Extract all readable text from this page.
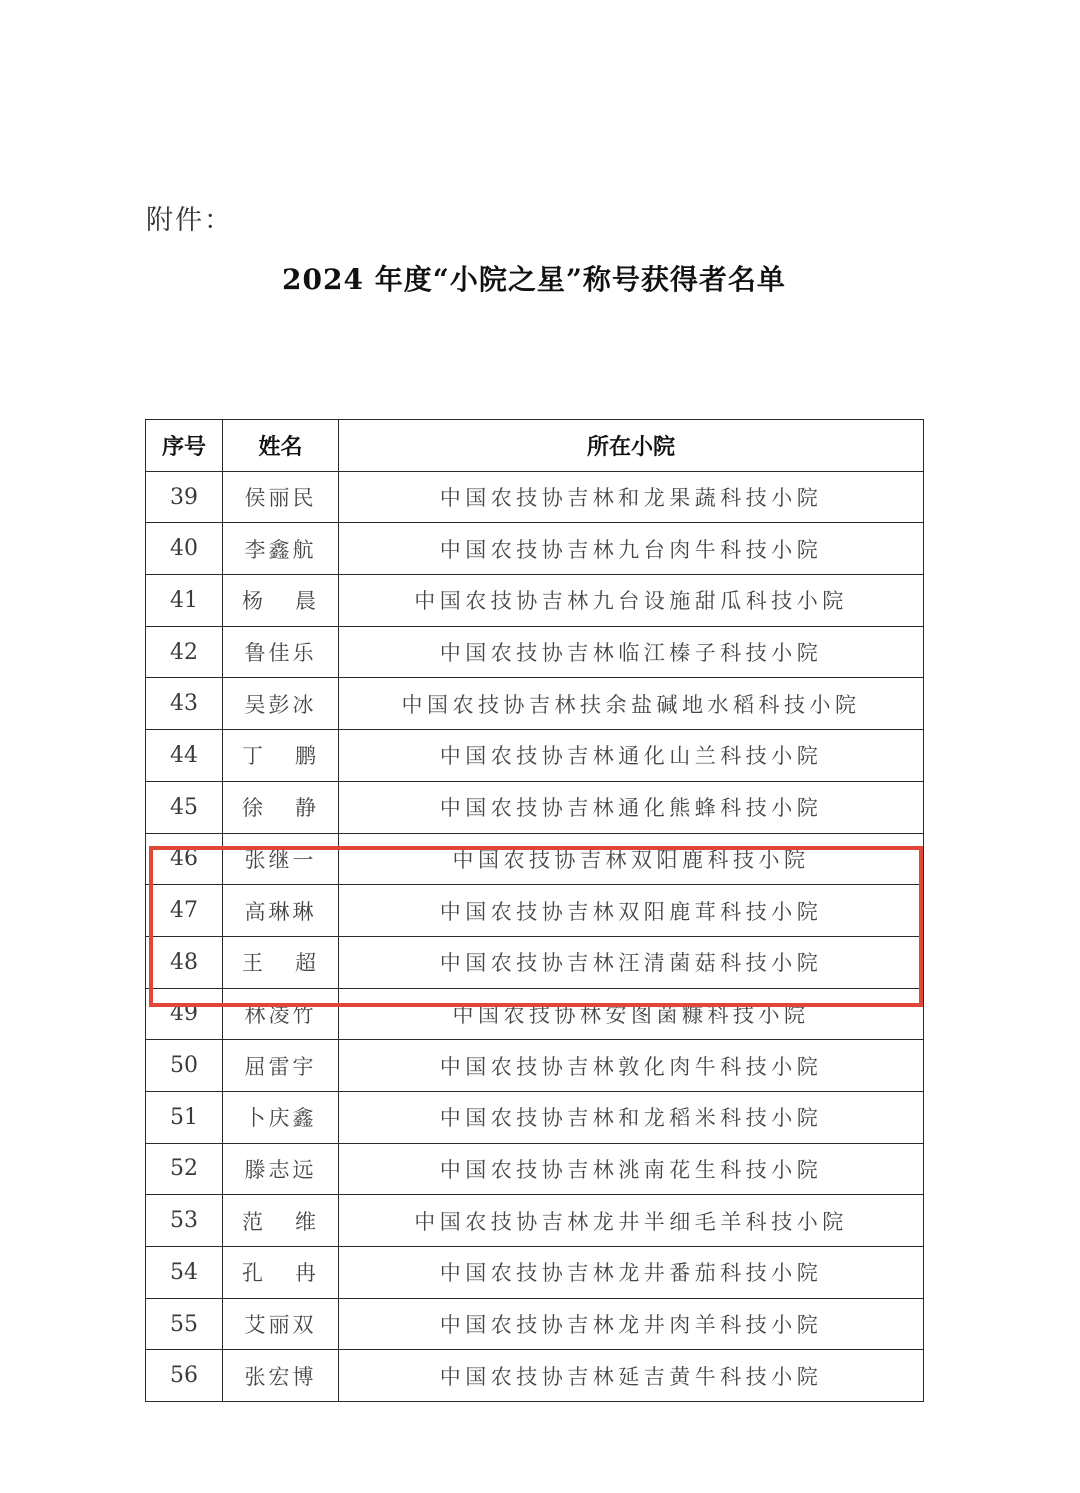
附件：
2024 年度“小院之星”称号获得者名单
序号	姓名	所在小院
39	侯丽民	中国农技协吉林和龙果蔬科技小院
40	李鑫航	中国农技协吉林九台肉牛科技小院
41	杨   晨	中国农技协吉林九台设施甜瓜科技小院
42	鲁佳乐	中国农技协吉林临江榛子科技小院
43	吴彭冰	中国农技协吉林扶余盐碱地水稻科技小院
44	丁   鹏	中国农技协吉林通化山兰科技小院
45	徐   静	中国农技协吉林通化熊蜂科技小院
46	张继一	中国农技协吉林双阳鹿科技小院
47	高琳琳	中国农技协吉林双阳鹿茸科技小院
48	王   超	中国农技协吉林汪清菌菇科技小院
49	林凌竹	中国农技协林安图菌糠科技小院
50	屈雷宇	中国农技协吉林敦化肉牛科技小院
51	卜庆鑫	中国农技协吉林和龙稻米科技小院
52	滕志远	中国农技协吉林洮南花生科技小院
53	范   维	中国农技协吉林龙井半细毛羊科技小院
54	孔   冉	中国农技协吉林龙井番茄科技小院
55	艾丽双	中国农技协吉林龙井肉羊科技小院
56	张宏博	中国农技协吉林延吉黄牛科技小院
